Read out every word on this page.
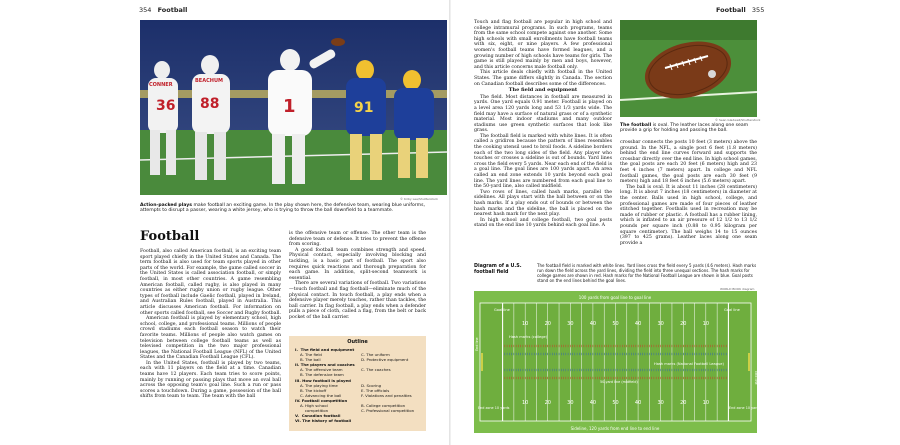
354 Football
36	1
88	91
CONNER
BEACHUM
© Kirby Lee/Shutterstock
Action-packed plays make football an exciting game. In the play shown here, the defensive team, wearing blue uniforms, attempts to disrupt a passer, wearing a white jersey, who is trying to throw the ball downfield to a teammate.
Football

Football, also called American football, is an exciting team sport played chiefly in the United States and Canada. The term football is also used for team sports played in other parts of the world. For example, the game called soccer in the United States is called association football, or simply football, in most other countries. A game resembling American football, called rugby, is also played in many countries as either rugby union or rugby league. Other types of football include Gaelic football, played in Ireland, and Australian Rules football, played in Australia. This article discusses American football. For information on other sports called football, see Soccer and Rugby football.

American football is played by elementary school, high school, college, and professional teams. Millions of people crowd stadiums each football season to watch their favorite teams. Millions of people also watch games on television between college football teams as well as televised competition in the two major professional leagues, the National Football League (NFL) of the United States and the Canadian Football League (CFL).

In the United States, football is played by two teams, each with 11 players on the field at a time. Canadian teams have 12 players. Each team tries to score points, mainly by running or passing plays that move an oval ball across the opposing team's goal line. Such a run or pass scores a touchdown. During a game, possession of the ball shifts from team to team. The team with the ball

is the offensive team or offense. The other team is the defensive team or defense. It tries to prevent the offense from scoring.

A good football team combines strength and speed. Physical contact, especially involving blocking and tackling, is a basic part of football. The sport also requires quick reactions and thorough preparation for each game. In addition, split-second teamwork is essential.

There are several variations of football. Two variations—touch football and flag football—eliminate much of the physical contact. In touch football, a play ends when a defensive player merely touches, rather than tackles, the ball carrier. In flag football, a play ends when a defender pulls a piece of cloth, called a flag, from the belt or back pocket of the ball carrier.

Outline
I.  The field and equipment
A. The field
B. The ball
II. The players and coaches
A. The offensive team
B. The defensive team
III. How football is played
A. The playing time
B. The kickoff
C. Advancing the ball
IV. Football competition
A. High school
competition
V.  Canadian football
VI. The history of football

C. The uniform
D. Protective equipment

C. The coaches

D. Scoring
E. The officials
F. Violations and penalties

B. College competition
C. Professional competition

Football 355

Touch and flag football are popular in high school and college intramural programs. In such programs, teams from the same school compete against one another. Some high schools with small enrollments have football teams with six, eight, or nine players. A few professional women's football teams have formed leagues, and a growing number of high schools have teams for girls. The game is still played mainly by men and boys, however, and this article concerns male football only.

This article deals chiefly with football in the United States. The game differs slightly in Canada. The section on Canadian football describes some of the differences.

The field and equipment

The field. Most distances in football are measured in yards. One yard equals 0.91 meter. Football is played on a level area 120 yards long and 53 1/3 yards wide. The field may have a surface of natural grass or of a synthetic material. Most indoor stadiums and many outdoor stadiums use green synthetic surfaces that look like grass.

The football field is marked with white lines. It is often called a gridiron because the pattern of lines resembles the cooking utensil used to broil foods. A sideline borders each of the two long sides of the field. Any player who touches or crosses a sideline is out of bounds. Yard lines cross the field every 5 yards. Near each end of the field is a goal line. The goal lines are 100 yards apart. An area called an end zone extends 10 yards beyond each goal line. The yard lines are numbered from each goal line to the 50-yard line, also called midfield.

Two rows of lines, called hash marks, parallel the sidelines. All plays start with the ball between or on the hash marks. If a play ends out of bounds or between the hash marks and the sideline, the ball is placed on the nearest hash mark for the next play.

In high school and college football, two goal posts stand on the end line 10 yards behind each goal line. A

© Sean Gladwell/Shutterstock
The football is oval. The leather laces along one seam provide a grip for holding and passing the ball.

crossbar connects the posts 10 feet (3 meters) above the ground. In the NFL, a single post 6 feet (1.8 meters) behind the end line curves forward and supports the crossbar directly over the end line. In high school games, the goal posts are each 20 feet (6 meters) high and 23 feet 4 inches (7 meters) apart. In college and NFL football games, the goal posts are each 30 feet (9 meters) high and 18 feet 6 inches (5.6 meters) apart.

The ball is oval. It is about 11 inches (28 centimeters) long. It is about 7 inches (18 centimeters) in diameter at the center. Balls used in high school, college, and professional games are made of four pieces of leather stitched together. Footballs used in recreation may be made of rubber or plastic. A football has a rubber lining, which is inflated to an air pressure of 12 1/2 to 13 1/2 pounds per square inch (0.88 to 0.95 kilogram per square centimeter). The ball weighs 14 to 15 ounces (397 to 425 grams). Leather laces along one seam provide a

Diagram of a U.S. football field
The football field is marked with white lines. Yard lines cross the field every 5 yards (4.6 meters). Hash marks run down the field across the yard lines, dividing the field into three unequal sections. The hash marks for college games are shown in red. Hash marks for the National Football League are shown in blue. Goal posts stand on the end lines behind the goal lines.
WORLD BOOK diagram
10
10
20
20
30
30
40
40
50
50
40
40
30
30
20
20
10
10
100 yards from goal line to goal line
Sideline, 120 yards from end line to end line
Goal line	Goal line
End zone 10 yards	End zone 10 yards
Hash marks (college)
Hash marks (National Football League)
50-yard line (midfield)
End line
End line
